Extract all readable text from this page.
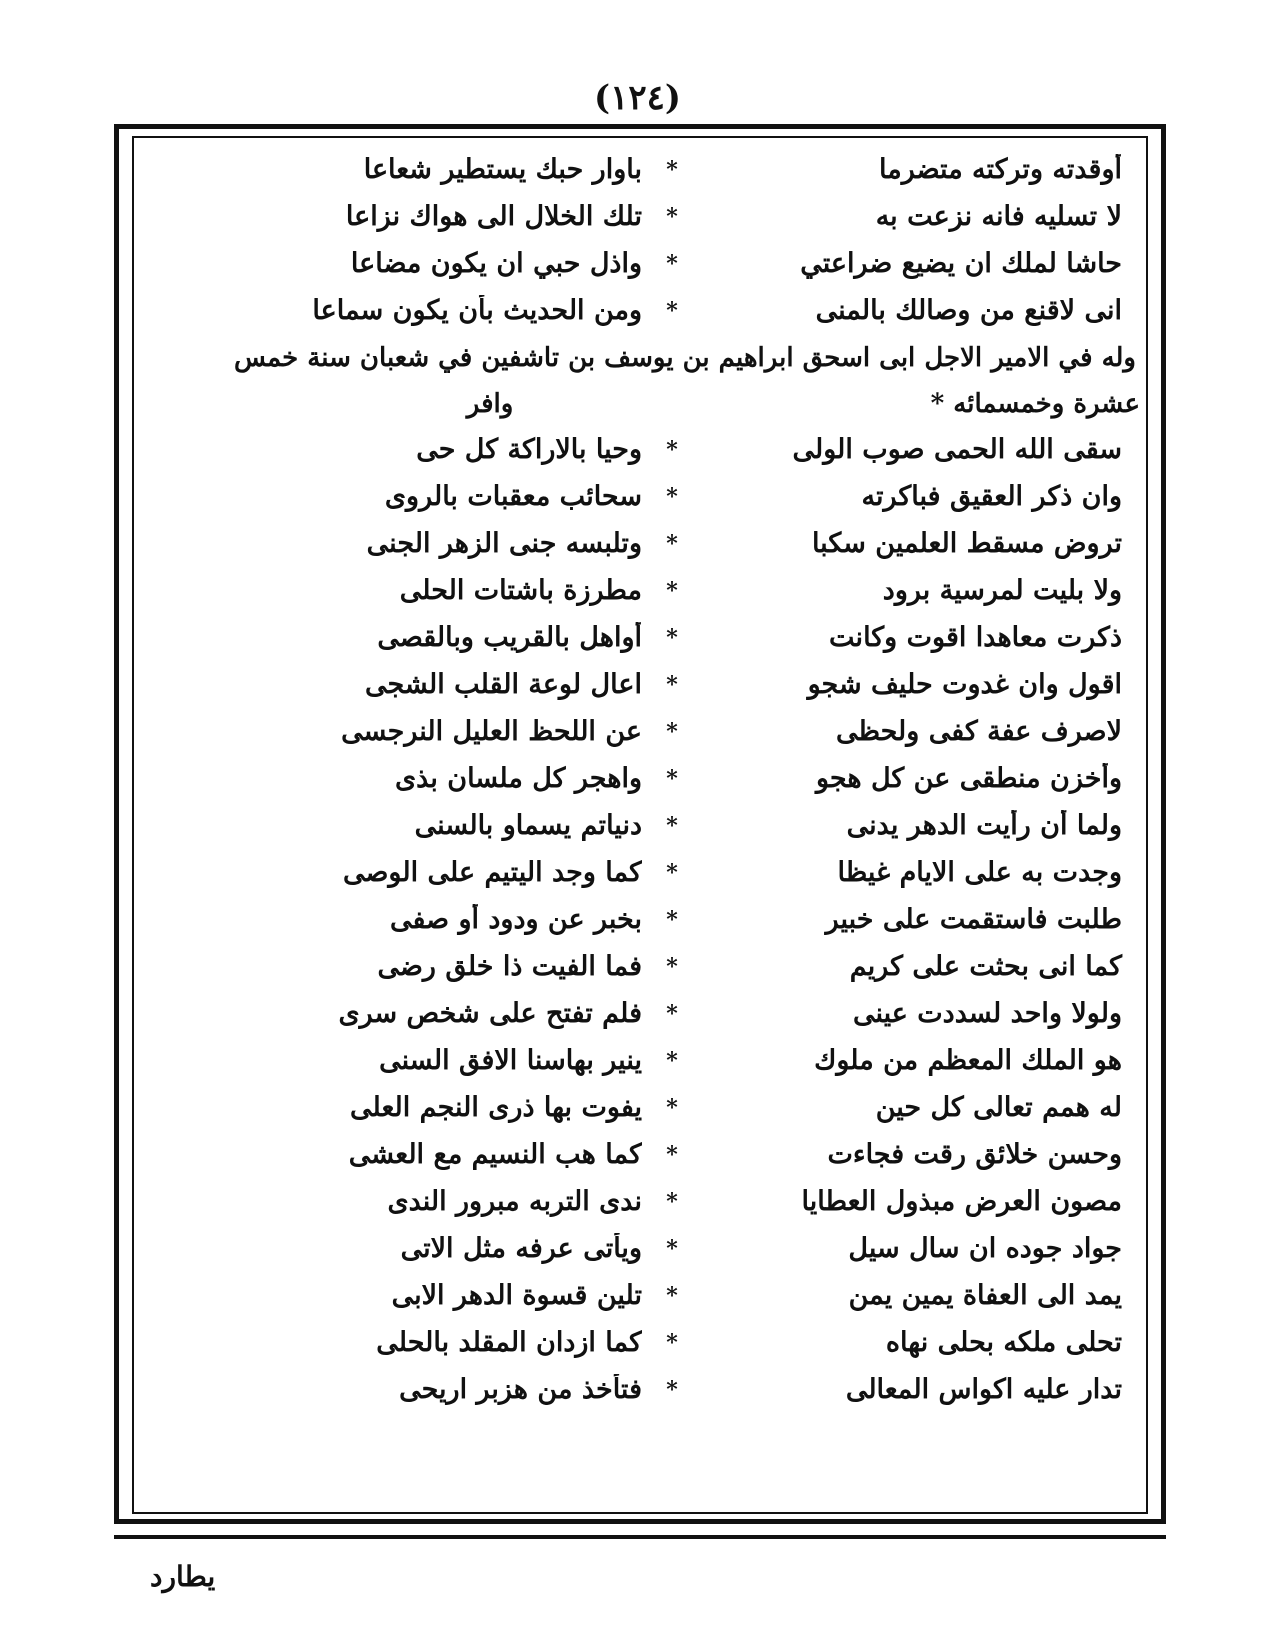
(١٢٤)
أوقدته وتركته متضرما
*
باوار حبك يستطير شعاعا
لا تسليه فانه نزعت به
*
تلك الخلال الى هواك نزاعا
حاشا لملك ان يضيع ضراعتي
*
واذل حبي ان يكون مضاعا
انى لاقنع من وصالك بالمنى
*
ومن الحديث بأن يكون سماعا
وله في الامير الاجل ابى اسحق ابراهيم بن يوسف بن تاشفين في شعبان سنة خمس
عشرة وخمسمائه *
وافر
سقى الله الحمى صوب الولى
*
وحيا بالاراكة كل حى
وان ذكر العقيق فباكرته
*
سحائب معقبات بالروى
تروض مسقط العلمين سكبا
*
وتلبسه جنى الزهر الجنى
ولا بليت لمرسية برود
*
مطرزة باشتات الحلى
ذكرت معاهدا اقوت وكانت
*
أواهل بالقريب وبالقصى
اقول وان غدوت حليف شجو
*
اعال لوعة القلب الشجى
لاصرف عفة كفى ولحظى
*
عن اللحظ العليل النرجسى
وأخزن منطقى عن كل هجو
*
واهجر كل ملسان بذى
ولما أن رأيت الدهر يدنى
*
دنياتم يسماو بالسنى
وجدت به على الايام غيظا
*
كما وجد اليتيم على الوصى
طلبت فاستقمت على خبير
*
بخبر عن ودود أو صفى
كما انى بحثت على كريم
*
فما الفيت ذا خلق رضى
ولولا واحد لسددت عينى
*
فلم تفتح على شخص سرى
هو الملك المعظم من ملوك
*
ينير بهاسنا الافق السنى
له همم تعالى كل حين
*
يفوت بها ذرى النجم العلى
وحسن خلائق رقت فجاءت
*
كما هب النسيم مع العشى
مصون العرض مبذول العطايا
*
ندى التربه مبرور الندى
جواد جوده ان سال سيل
*
ويأتى عرفه مثل الاتى
يمد الى العفاة يمين يمن
*
تلين قسوة الدهر الابى
تحلى ملكه بحلى نهاه
*
كما ازدان المقلد بالحلى
تدار عليه اكواس المعالى
*
فتأخذ من هزبر اريحى
يطارد
